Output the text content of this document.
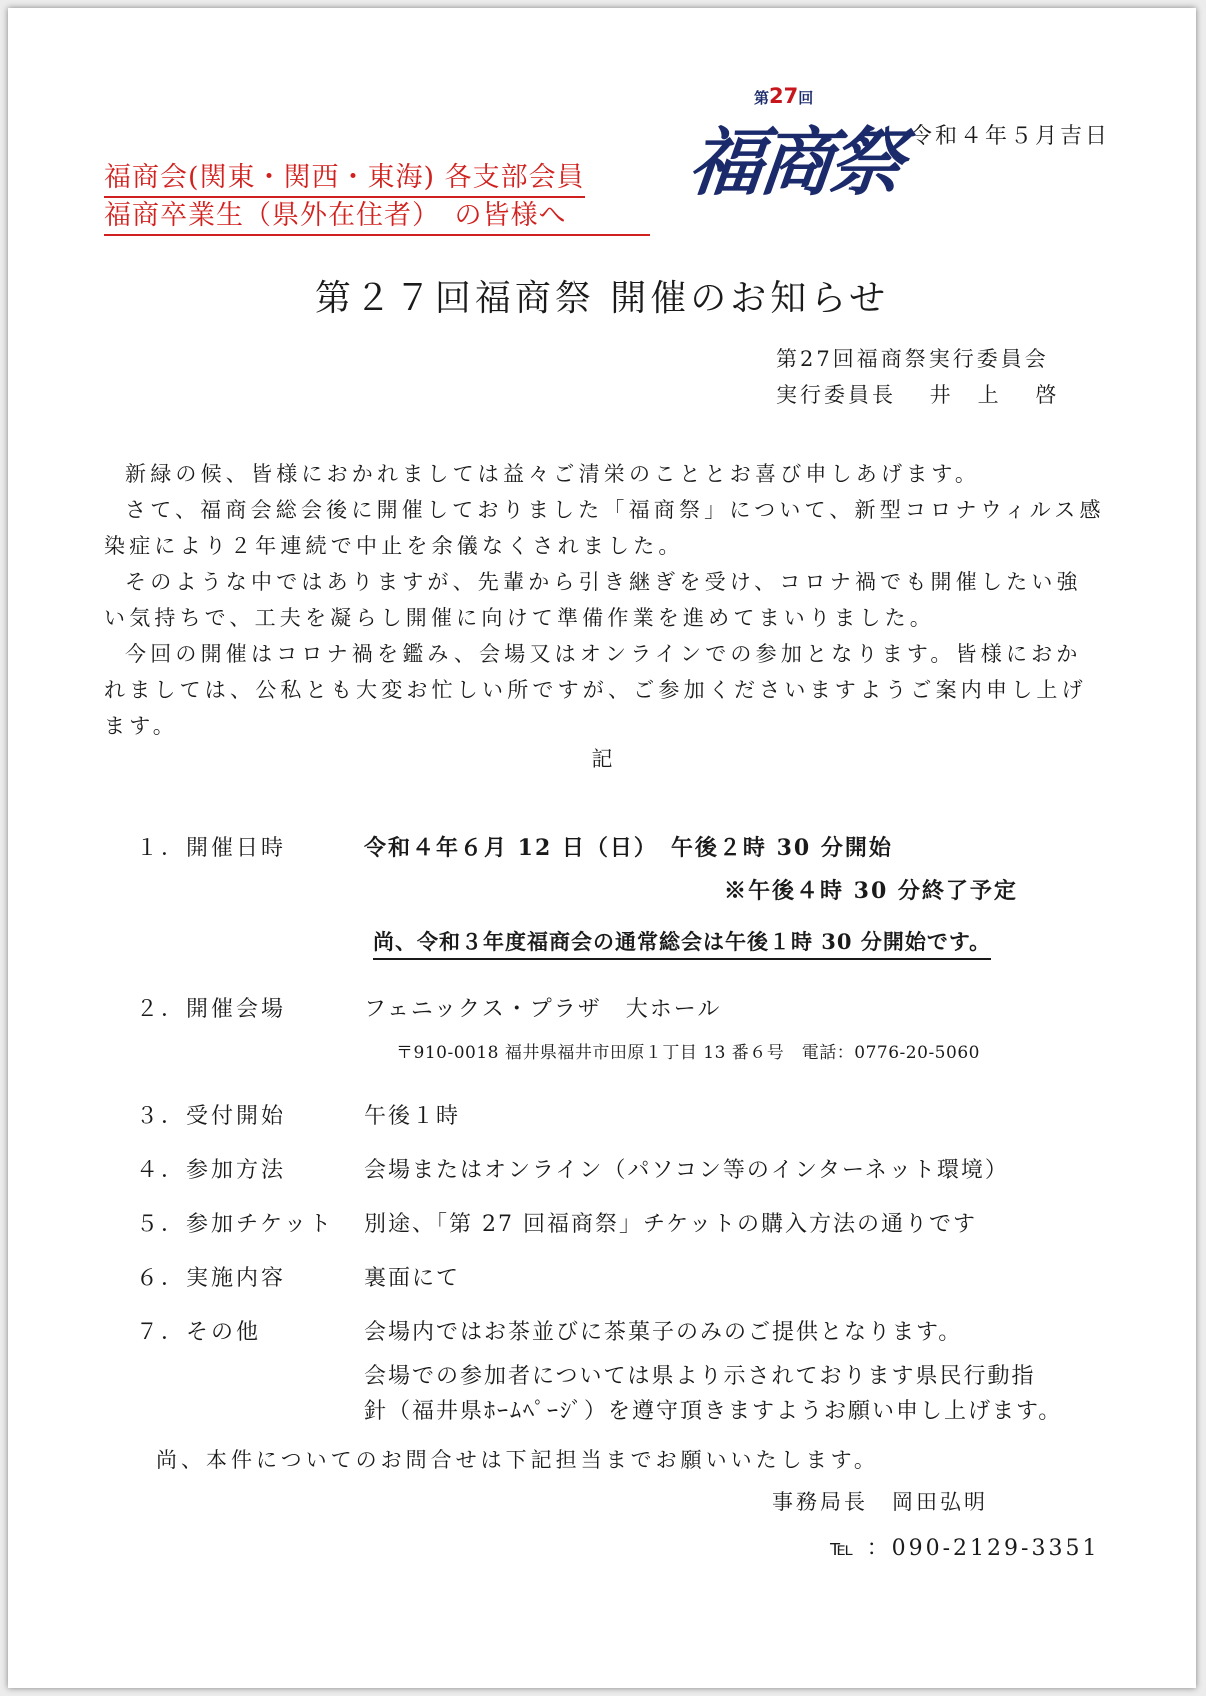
令和４年５月吉日
福商会(関東・関西・東海) 各支部会員

福商卒業生（県外在住者）　の皆様へ
第27回
福商祭
第２７回福商祭 開催のお知らせ
第27回福商祭実行委員会
実行委員長　 井　上　 啓

新緑の候、皆様におかれましては益々ご清栄のこととお喜び申しあげます。

さて、福商会総会後に開催しておりました「福商祭」について、新型コロナウィルス感染症により２年連続で中止を余儀なくされました。

そのような中ではありますが、先輩から引き継ぎを受け、コロナ禍でも開催したい強い気持ちで、工夫を凝らし開催に向けて準備作業を進めてまいりました。

今回の開催はコロナ禍を鑑み、会場又はオンラインでの参加となります。皆様におかれましては、公私とも大変お忙しい所ですが、ご参加くださいますようご案内申し上げます。

記
１．開催日時	令和４年６月 12 日（日）　午後２時 30 分開始
※午後４時 30 分終了予定
尚、令和３年度福商会の通常総会は午後１時 30 分開始です。
２．開催会場	フェニックス・プラザ　大ホール
〒910-0018 福井県福井市田原１丁目 13 番６号　電話：0776-20-5060
３．受付開始	午後１時
４．参加方法	会場またはオンライン（パソコン等のインターネット環境）
５．参加チケット 別途、「第 27 回福商祭」チケットの購入方法の通りです
６．実施内容	裏面にて
７．その他	会場内ではお茶並びに茶菓子のみのご提供となります。
会場での参加者については県より示されております県民行動指
針（福井県ﾎｰﾑﾍﾟｰｼﾞ）を遵守頂きますようお願い申し上げます。
尚、本件についてのお問合せは下記担当までお願いいたします。
事務局長　岡田弘明
℡ ：090-2129-3351
